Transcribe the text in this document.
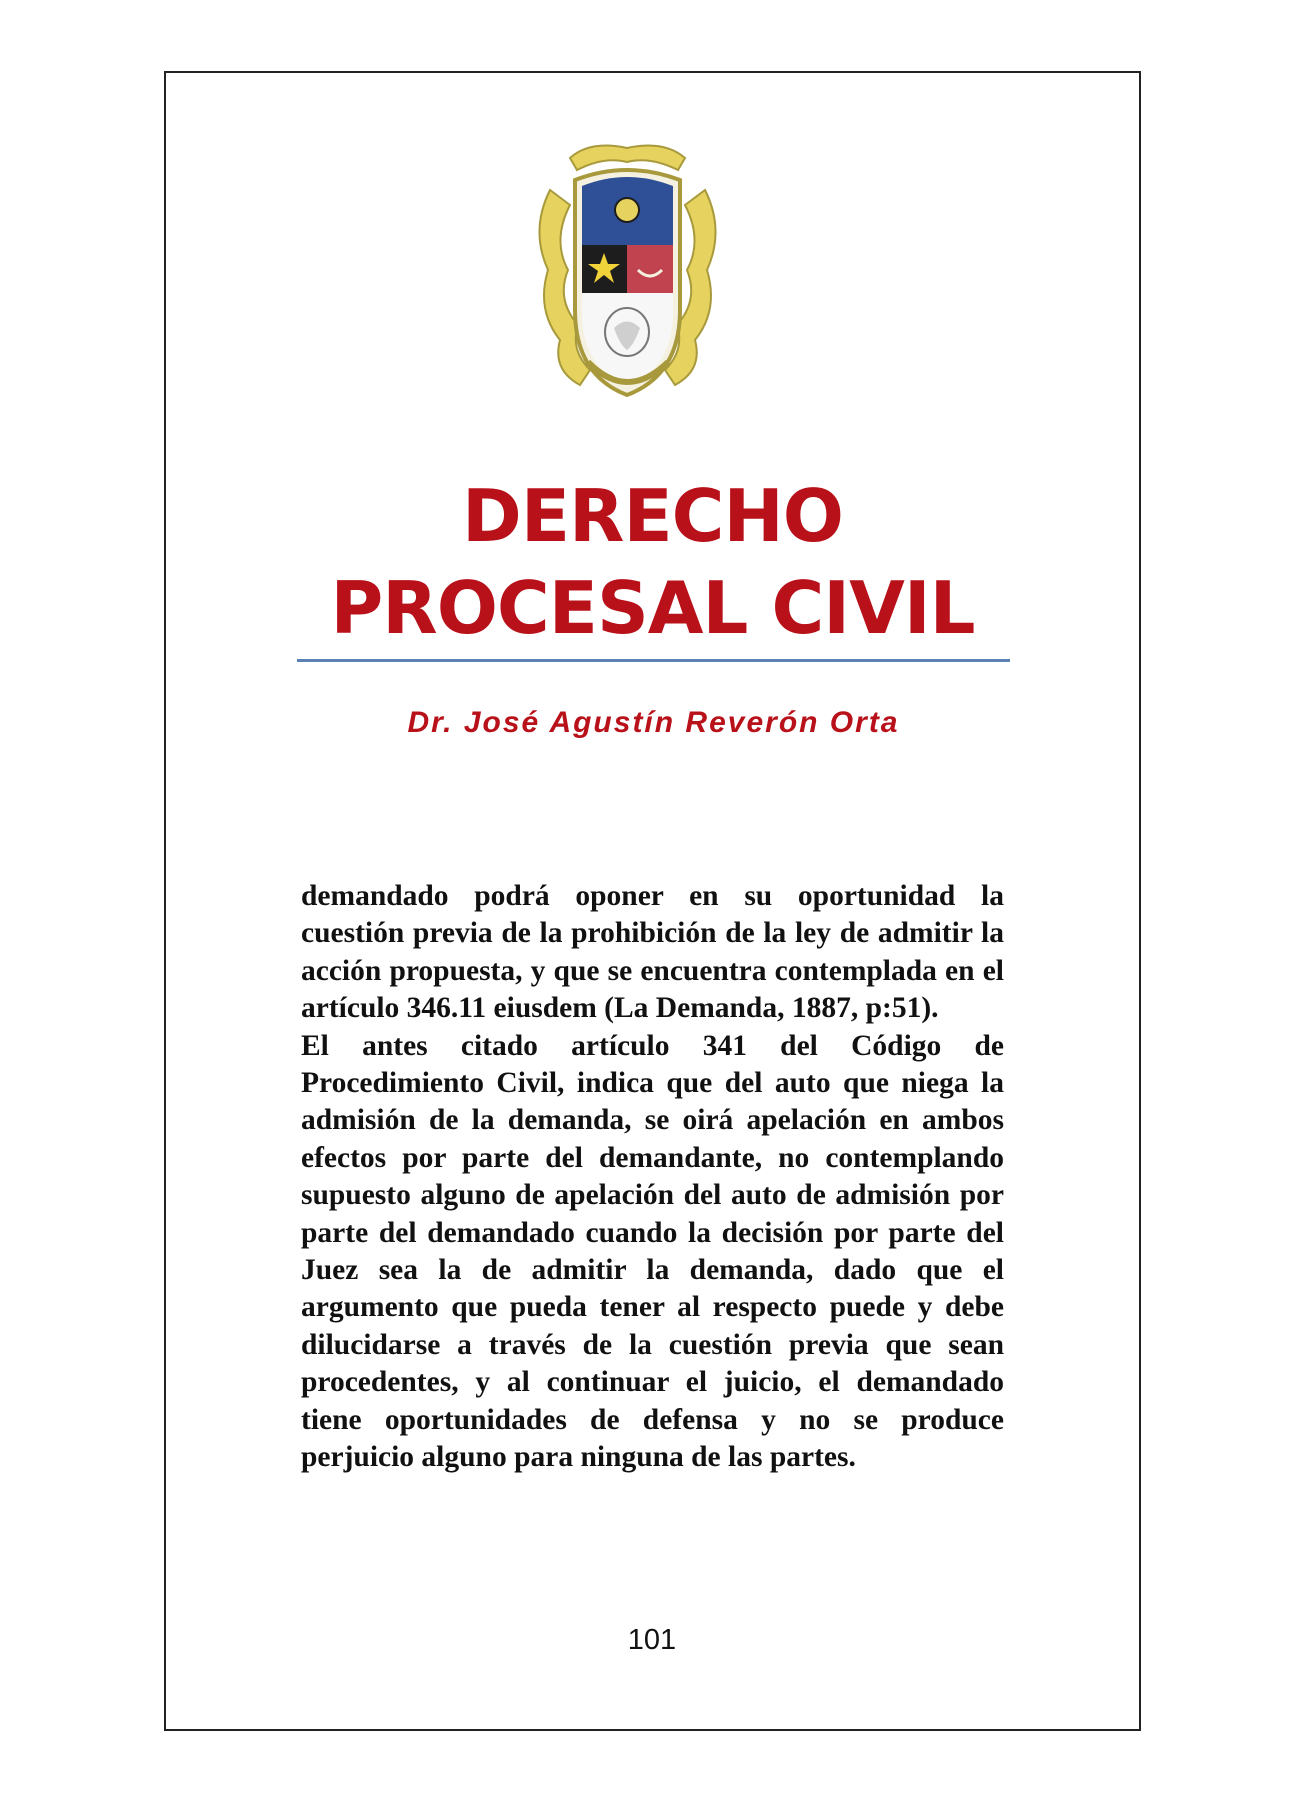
DERECHO
PROCESAL CIVIL
Dr. José Agustín Reverón Orta

demandado podrá oponer en su oportunidad la cuestión previa de la prohibición de la ley de admitir la acción propuesta, y que se encuentra contemplada en el artículo 346.11 eiusdem (La Demanda, 1887, p:51).

El antes citado artículo 341 del Código de Procedimiento Civil, indica que del auto que niega la admisión de la demanda, se oirá apelación en ambos efectos por parte del demandante, no contemplando supuesto alguno de apelación del auto de admisión por parte del demandado cuando la decisión por parte del Juez sea la de admitir la demanda, dado que el argumento que pueda tener al respecto puede y debe dilucidarse a través de la cuestión previa que sean procedentes, y al continuar el juicio, el demandado tiene oportunidades de defensa y no se produce perjuicio alguno para ninguna de las partes.

101
